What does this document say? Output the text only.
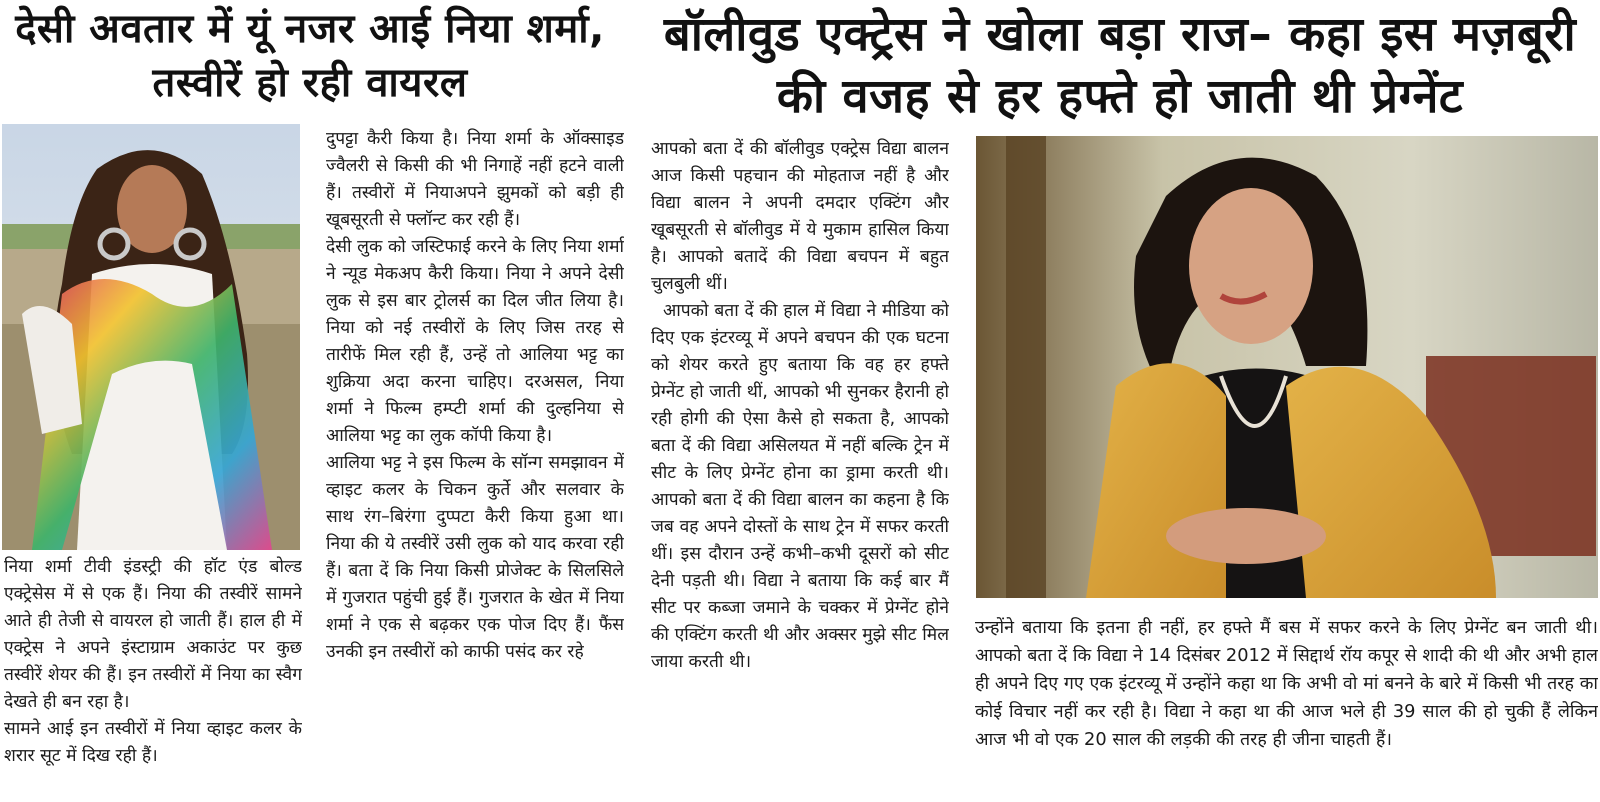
देसी अवतार में यूं नजर आई निया शर्मा, तस्वीरें हो रही वायरल
बॉलीवुड एक्ट्रेस ने खोला बड़ा राज– कहा इस मज़बूरी की वजह से हर हफ्ते हो जाती थी प्रेग्नेंट

निया शर्मा टीवी इंडस्ट्री की हॉट एंड बोल्ड एक्ट्रेसेस में से एक हैं। निया की तस्वीरें सामने आते ही तेजी से वायरल हो जाती हैं। हाल ही में एक्ट्रेस ने अपने इंस्टाग्राम अकाउंट पर कुछ तस्वीरें शेयर की हैं। इन तस्वीरों में निया का स्वैग देखते ही बन रहा है।

सामने आई इन तस्वीरों में निया व्हाइट कलर के शरार सूट में दिख रही हैं।

दुपट्टा कैरी किया है। निया शर्मा के ऑक्साइड ज्वैलरी से किसी की भी निगाहें नहीं हटने वाली हैं। तस्वीरों में नियाअपने झुमकों को बड़ी ही खूबसूरती से फ्लॉन्ट कर रही हैं।

देसी लुक को जस्टिफाई करने के लिए निया शर्मा ने न्यूड मेकअप कैरी किया। निया ने अपने देसी लुक से इस बार ट्रोलर्स का दिल जीत लिया है। निया को नई तस्वीरों के लिए जिस तरह से तारीफें मिल रही हैं, उन्हें तो आलिया भट्ट का शुक्रिया अदा करना चाहिए। दरअसल, निया शर्मा ने फिल्म हम्प्टी शर्मा की दुल्हनिया से आलिया भट्ट का लुक कॉपी किया है।

आलिया भट्ट ने इस फिल्म के सॉन्ग समझावन में व्हाइट कलर के चिकन कुर्ते और सलवार के साथ रंग–बिरंगा दुप्पटा कैरी किया हुआ था। निया की ये तस्वीरें उसी लुक को याद करवा रही हैं। बता दें कि निया किसी प्रोजेक्ट के सिलसिले में गुजरात पहुंची हुई हैं। गुजरात के खेत में निया शर्मा ने एक से बढ़कर एक पोज दिए हैं। फैंस उनकी इन तस्वीरों को काफी पसंद कर रहे

आपको बता दें की बॉलीवुड एक्ट्रेस विद्या बालन आज किसी पहचान की मोहताज नहीं है और विद्या बालन ने अपनी दमदार एक्टिंग और खूबसूरती से बॉलीवुड में ये मुकाम हासिल किया है। आपको बतादें की विद्या बचपन में बहुत चुलबुली थीं।

आपको बता दें की हाल में विद्या ने मीडिया को दिए एक इंटरव्यू में अपने बचपन की एक घटना को शेयर करते हुए बताया कि वह हर हफ्ते प्रेग्नेंट हो जाती थीं, आपको भी सुनकर हैरानी हो रही होगी की ऐसा कैसे हो सकता है, आपको बता दें की विद्या असिलयत में नहीं बल्कि ट्रेन में सीट के लिए प्रेग्नेंट होना का ड्रामा करती थी। आपको बता दें की विद्या बालन का कहना है कि जब वह अपने दोस्तों के साथ ट्रेन में सफर करती थीं। इस दौरान उन्हें कभी–कभी दूसरों को सीट देनी पड़ती थी। विद्या ने बताया कि कई बार मैं सीट पर कब्जा जमाने के चक्कर में प्रेग्नेंट होने की एक्टिंग करती थी और अक्सर मुझे सीट मिल जाया करती थी।

उन्होंने बताया कि इतना ही नहीं, हर हफ्ते मैं बस में सफर करने के लिए प्रेग्नेंट बन जाती थी। आपको बता दें कि विद्या ने 14 दिसंबर 2012 में सिद्दार्थ रॉय कपूर से शादी की थी और अभी हाल ही अपने दिए गए एक इंटरव्यू में उन्होंने कहा था कि अभी वो मां बनने के बारे में किसी भी तरह का कोई विचार नहीं कर रही है। विद्या ने कहा था की आज भले ही 39 साल की हो चुकी हैं लेकिन आज भी वो एक 20 साल की लड़की की तरह ही जीना चाहती हैं।
